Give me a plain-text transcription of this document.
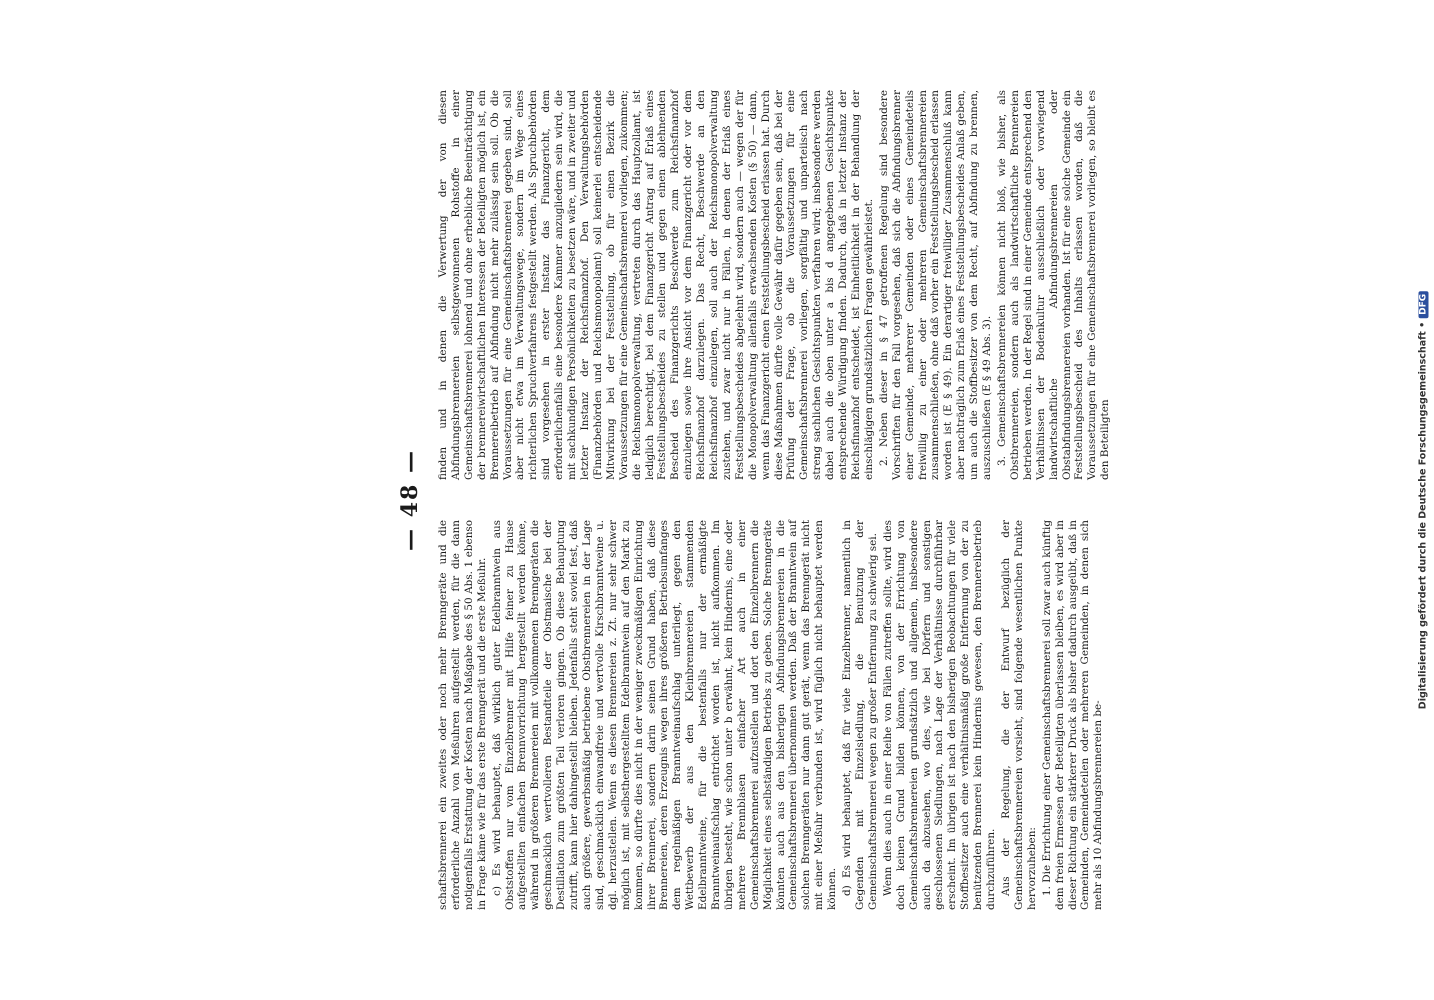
— 48 —

schaftsbrennerei ein zweites oder noch mehr Brenngeräte und die erforderliche Anzahl von Meßuhren aufgestellt werden, für die dann notigenfalls Erstattung der Kosten nach Maßgabe des § 50 Abs. 1 ebenso in Frage käme wie für das erste Brenngerät und die erste Meßuhr. c) Es wird behauptet, daß wirklich guter Edelbranntwein aus Obststoffen nur vom Einzelbrenner mit Hilfe feiner zu Hause aufgestellten einfachen Brennvorrichtung hergestellt werden könne, während in größeren Brennereien mit vollkommenen Brenngeräten die geschmacklich wertvolleren Bestandteile der Obstmaische bei der Destillation zum größten Teil verloren gingen. Ob diese Behauptung zutrifft, kann hier dahingestellt bleiben. Jedenfalls steht soviel fest, daß auch größere, gewerbsmäßig betriebene Obstbrennereien in der Lage sind, geschmacklich einwandfreie und wertvolle Kirschbranntweine u. dgl. herzustellen. Wenn es diesen Brennereien z. Zt. nur sehr schwer möglich ist, mit selbsthergestelltem Edelbranntwein auf den Markt zu kommen, so dürfte dies nicht in der weniger zweckmäßigen Einrichtung ihrer Brennerei, sondern darin seinen Grund haben, daß diese Brennereien, deren Erzeugnis wegen ihres größeren Betriebsumfanges dem regelmäßigen Branntweinaufschlag unterliegt, gegen den Wettbewerb der aus den Kleinbrennereien stammenden Edelbranntweine, für die bestenfalls nur der ermäßigte Branntweinaufschlag entrichtet worden ist, nicht aufkommen. Im übrigen besteht, wie schon unter b erwähnt, kein Hindernis, eine oder mehrere Brennblasen einfacher Art auch in einer Gemeinschaftsbrennerei aufzustellen und dort den Einzelbrennern die Möglichkeit eines selbständigen Betriebs zu geben. Solche Brenngeräte könnten auch aus den bisherigen Abfindungsbrennereien in die Gemeinschaftsbrennerei übernommen werden. Daß der Branntwein auf solchen Brenngeräten nur dann gut gerät, wenn das Brenngerät nicht mit einer Meßuhr verbunden ist, wird füglich nicht behauptet werden können. d) Es wird behauptet, daß für viele Einzelbrenner, namentlich in Gegenden mit Einzelsiedlung, die Benutzung der Gemeinschaftsbrennerei wegen zu großer Entfernung zu schwierig sei. Wenn dies auch in einer Reihe von Fällen zutreffen sollte, wird dies doch keinen Grund bilden können, von der Errichtung von Gemeinschaftsbrennereien grundsätzlich und allgemein, insbesondere auch da abzusehen, wo dies, wie bei Dörfern und sonstigen geschlossenen Siedlungen, nach Lage der Verhältnisse durchführbar erscheint. Im übrigen ist nach den bisherigen Beobachtungen für viele Stoffbesitzer auch eine verhältnismäßig große Entfernung von der zu benützenden Brennerei kein Hindernis gewesen, den Brennereibetrieb durchzuführen. Aus der Regelung, die der Entwurf bezüglich der Gemeinschaftsbrennereien vorsieht, sind folgende wesentlichen Punkte hervorzuheben: 1. Die Errichtung einer Gemeinschaftsbrennerei soll zwar auch künftig dem freien Ermessen der Beteiligten überlassen bleiben, es wird aber in dieser Richtung ein stärkerer Druck als bisher dadurch ausgeübt, daß in Gemeinden, Gemeindeteilen oder mehreren Gemeinden, in denen sich mehr als 10 Abfindungsbrennereien be-

finden und in denen die Verwertung der von diesen Abfindungsbrennereien selbstgewonnenen Rohstoffe in einer Gemeinschaftsbrennerei lohnend und ohne erhebliche Beeinträchtigung der brennereiwirtschaftlichen Interessen der Beteiligten möglich ist, ein Brennereibetrieb auf Abfindung nicht mehr zulässig sein soll. Ob die Voraussetzungen für eine Gemeinschaftsbrennerei gegeben sind, soll aber nicht etwa im Verwaltungswege, sondern im Wege eines richterlichen Spruchverfahrens festgestellt werden. Als Spruchbehörden sind vorgesehen in erster Instanz das Finanzgericht, dem erforderlichenfalls eine besondere Kammer anzugliedern sein wird, die mit sachkundigen Persönlichkeiten zu besetzen wäre, und in zweiter und letzter Instanz der Reichsfinanzhof. Den Verwaltungsbehörden (Finanzbehörden und Reichsmonopolamt) soll keinerlei entscheidende Mitwirkung bei der Feststellung, ob für einen Bezirk die Voraussetzungen für eine Gemeinschaftsbrennerei vorliegen, zukommen; die Reichsmonopolverwaltung, vertreten durch das Hauptzollamt, ist lediglich berechtigt, bei dem Finanzgericht Antrag auf Erlaß eines Feststellungsbescheides zu stellen und gegen einen ablehnenden Bescheid des Finanzgerichts Beschwerde zum Reichsfinanzhof einzulegen sowie ihre Ansicht vor dem Finanzgericht oder vor dem Reichsfinanzhof darzulegen. Das Recht, Beschwerde an den Reichsfinanzhof einzulegen, soll auch der Reichsmonopolverwaltung zustehen, und zwar nicht nur in Fällen, in denen der Erlaß eines Feststellungsbescheides abgelehnt wird, sondern auch — wegen der für die Monopolverwaltung allenfalls erwachsenden Kosten (§ 50) — dann, wenn das Finanzgericht einen Feststellungsbescheid erlassen hat. Durch diese Maßnahmen dürfte volle Gewähr dafür gegeben sein, daß bei der Prüfung der Frage, ob die Voraussetzungen für eine Gemeinschaftsbrennerei vorliegen, sorgfältig und unparteiisch nach streng sachlichen Gesichtspunkten verfahren wird; insbesondere werden dabei auch die oben unter a bis d angegebenen Gesichtspunkte entsprechende Würdigung finden. Dadurch, daß in letzter Instanz der Reichsfinanzhof entscheidet, ist Einheitlichkeit in der Behandlung der einschlägigen grundsätzlichen Fragen gewährleistet. 2. Neben dieser in § 47 getroffenen Regelung sind besondere Vorschriften für den Fall vorgesehen, daß sich die Abfindungsbrenner einer Gemeinde, mehrerer Gemeinden oder eines Gemeindeteils freiwillig zu einer oder mehreren Gemeinschaftsbrennereien zusammenschließen, ohne daß vorher ein Feststellungsbescheid erlassen worden ist (E § 49). Ein derartiger freiwilliger Zusammenschluß kann aber nachträglich zum Erlaß eines Feststellungsbescheides Anlaß geben, um auch die Stoffbesitzer von dem Recht, auf Abfindung zu brennen, auszuschließen (E § 49 Abs. 3). 3. Gemeinschaftsbrennereien können nicht bloß, wie bisher, als Obstbrennereien, sondern auch als landwirtschaftliche Brennereien betrieben werden. In der Regel sind in einer Gemeinde entsprechend den Verhältnissen der Bodenkultur ausschließlich oder vorwiegend landwirtschaftliche Abfindungsbrennereien oder Obstabfindungsbrennereien vorhanden. Ist für eine solche Gemeinde ein Feststellungsbescheid des Inhalts erlassen worden, daß die Voraussetzungen für eine Gemeinschaftsbrennerei vorliegen, so bleibt es den Beteiligten	Digitalisierung gefördert durch die Deutsche Forschungsgemeinschaft •DFG
